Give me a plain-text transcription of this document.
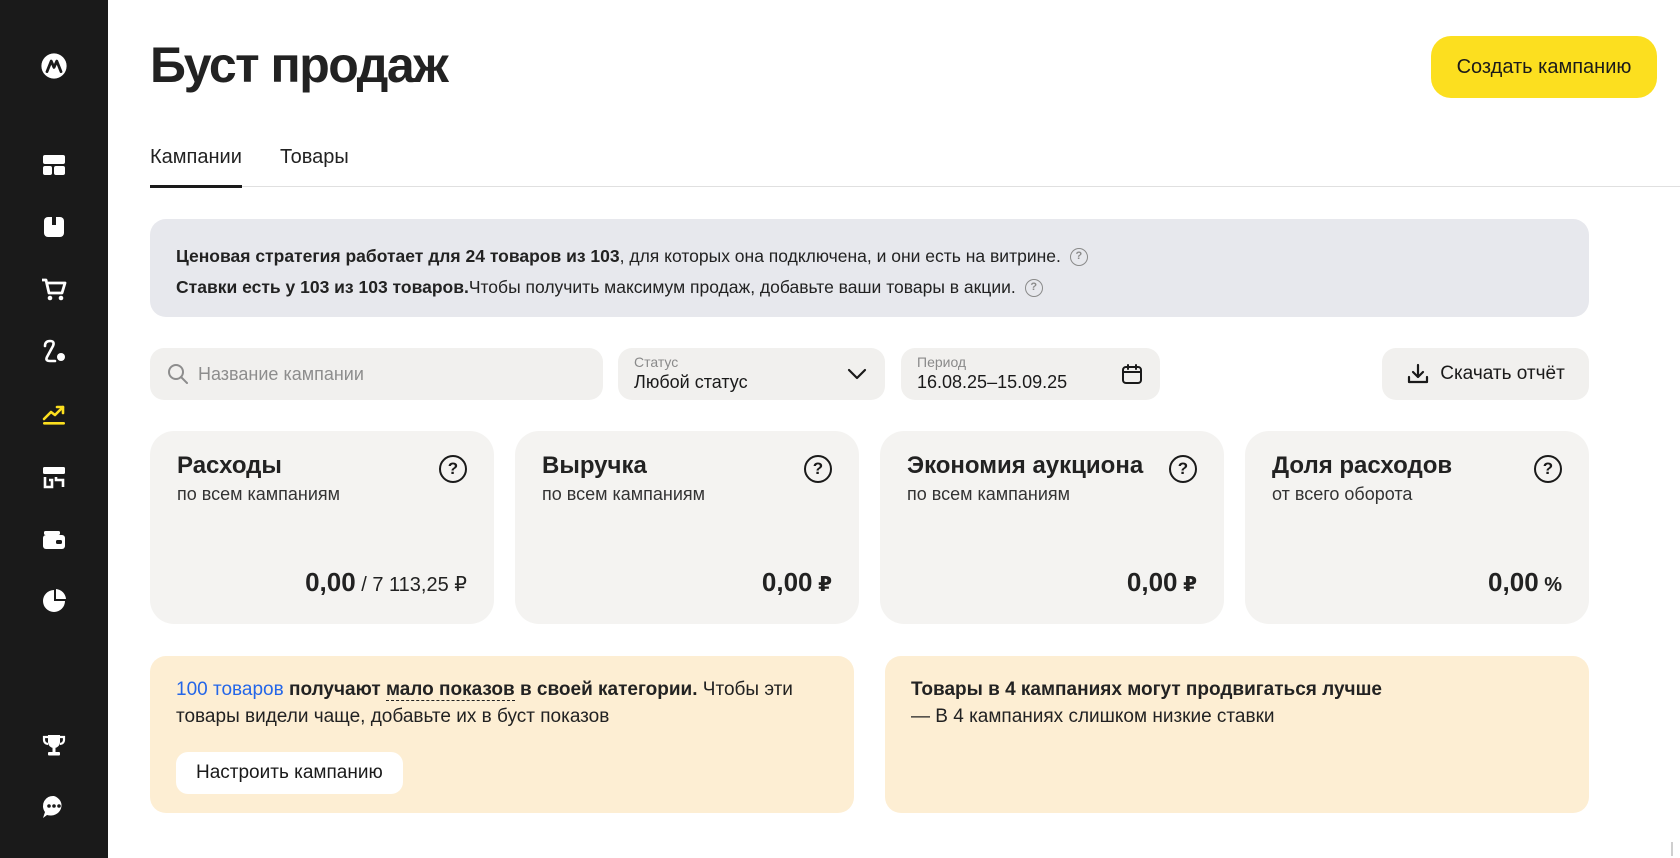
Буст продаж	Создать кампанию
Кампании Товары
Ценовая стратегия работает для 24 товаров из 103 , для которых она подключена, и они есть на витрине.	?
Ставки есть у 103 из 103 товаров. Чтобы получить максимум продаж, добавьте ваши товары в акции.	?
Название кампании
Статус
Любой статус
Период
16.08.25–15.09.25	Скачать отчёт
Расходы
по всем кампаниям
?
0,00 / 7 113,25 ₽
Выручка
по всем кампаниям
?
0,00 ₽
Экономия аукциона
по всем кампаниям
?
0,00 ₽
Доля расходов
от всего оборота
?
0,00 %
100 товаров получают мало показов в своей категории. Чтобы эти товары видели чаще, добавьте их в буст показов
Настроить кампанию
Товары в 4 кампаниях могут продвигаться лучше
— В 4 кампаниях слишком низкие ставки
